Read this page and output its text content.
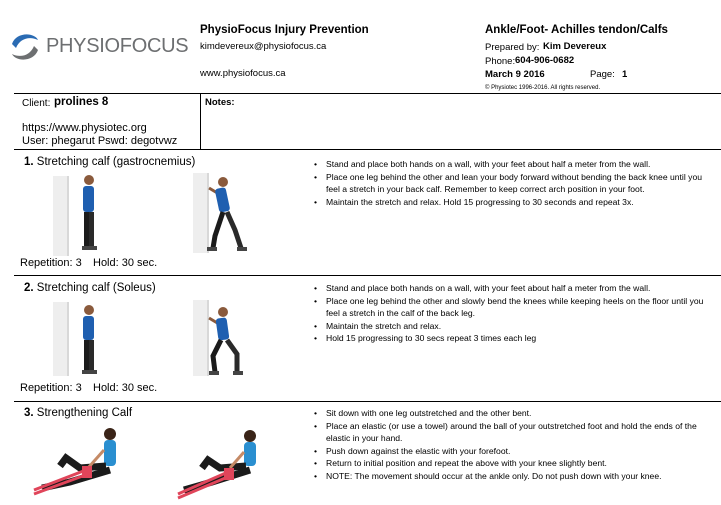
PHYSIOFOCUS
PhysioFocus Injury Prevention
kimdevereux@physiofocus.ca
www.physiofocus.ca
Ankle/Foot- Achilles tendon/Calfs
Prepared by: Kim Devereux
Phone: 604-906-0682
March 9 2016	Page: 1
© Physiotec 1996-2016. All rights reserved.
Client: prolines 8
https://www.physiotec.org
User: phegarut Pswd: degotvwz
Notes:
1. Stretching calf (gastrocnemius)
Repetition: 3 Hold: 30 sec.
• Stand and place both hands on a wall, with your feet about half a meter from the wall.
• Place one leg behind the other and lean your body forward without bending the back knee until you feel a stretch in your back calf. Remember to keep correct arch position in your foot.
• Maintain the stretch and relax. Hold 15 progressing to 30 seconds and repeat 3x.
2. Stretching calf (Soleus)
Repetition: 3 Hold: 30 sec.
• Stand and place both hands on a wall, with your feet about half a meter from the wall.
• Place one leg behind the other and slowly bend the knees while keeping heels on the floor until you feel a stretch in the calf of the back leg.
• Maintain the stretch and relax.
• Hold 15 progressing to 30 secs repeat 3 times each leg
3. Strengthening Calf
•	Sit down with one leg outstretched and the other bent.
• Place an elastic (or use a towel) around the ball of your outstretched foot and hold the ends of the elastic in your hand.
• Push down against the elastic with your forefoot.
• Return to initial position and repeat the above with your knee slightly bent.
• NOTE: The movement should occur at the ankle only. Do not push down with your knee.
